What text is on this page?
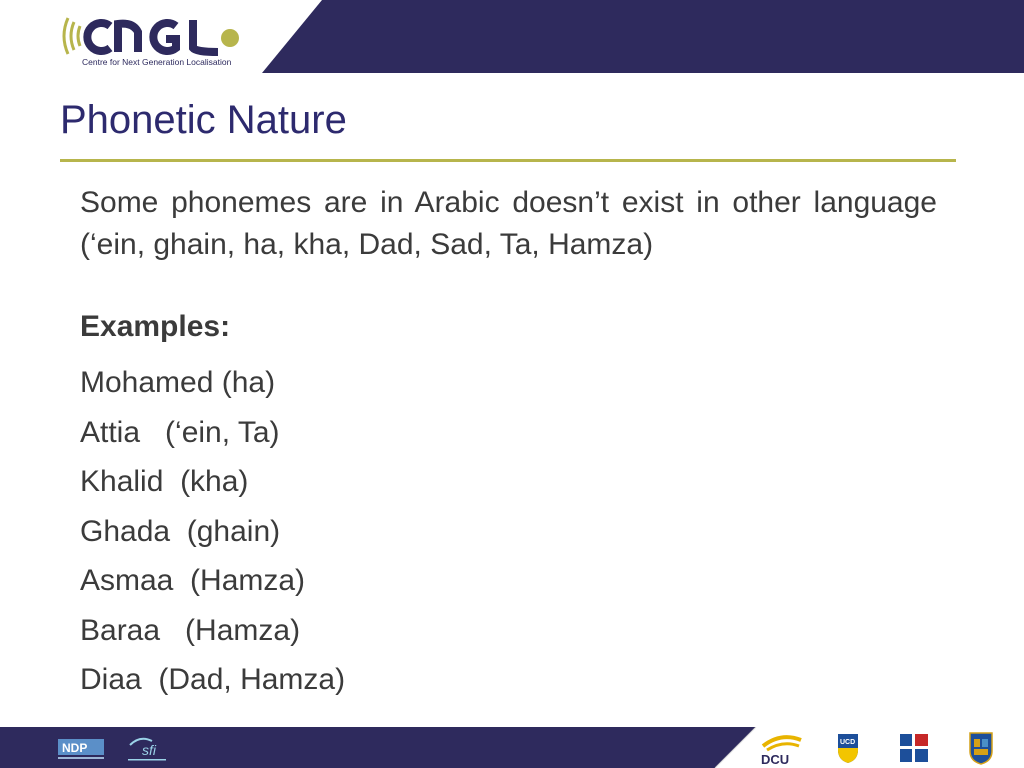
Centre for Next Generation Localisation
Phonetic Nature
Some phonemes are in Arabic doesn’t exist in other language (‘ein, ghain, ha, kha, Dad, Sad, Ta, Hamza)
Examples:
Mohamed (ha)
Attia   (‘ein, Ta)
Khalid  (kha)
Ghada  (ghain)
Asmaa  (Hamza)
Baraa   (Hamza)
Diaa  (Dad, Hamza)
NDP	sfi
DCU
UCD
